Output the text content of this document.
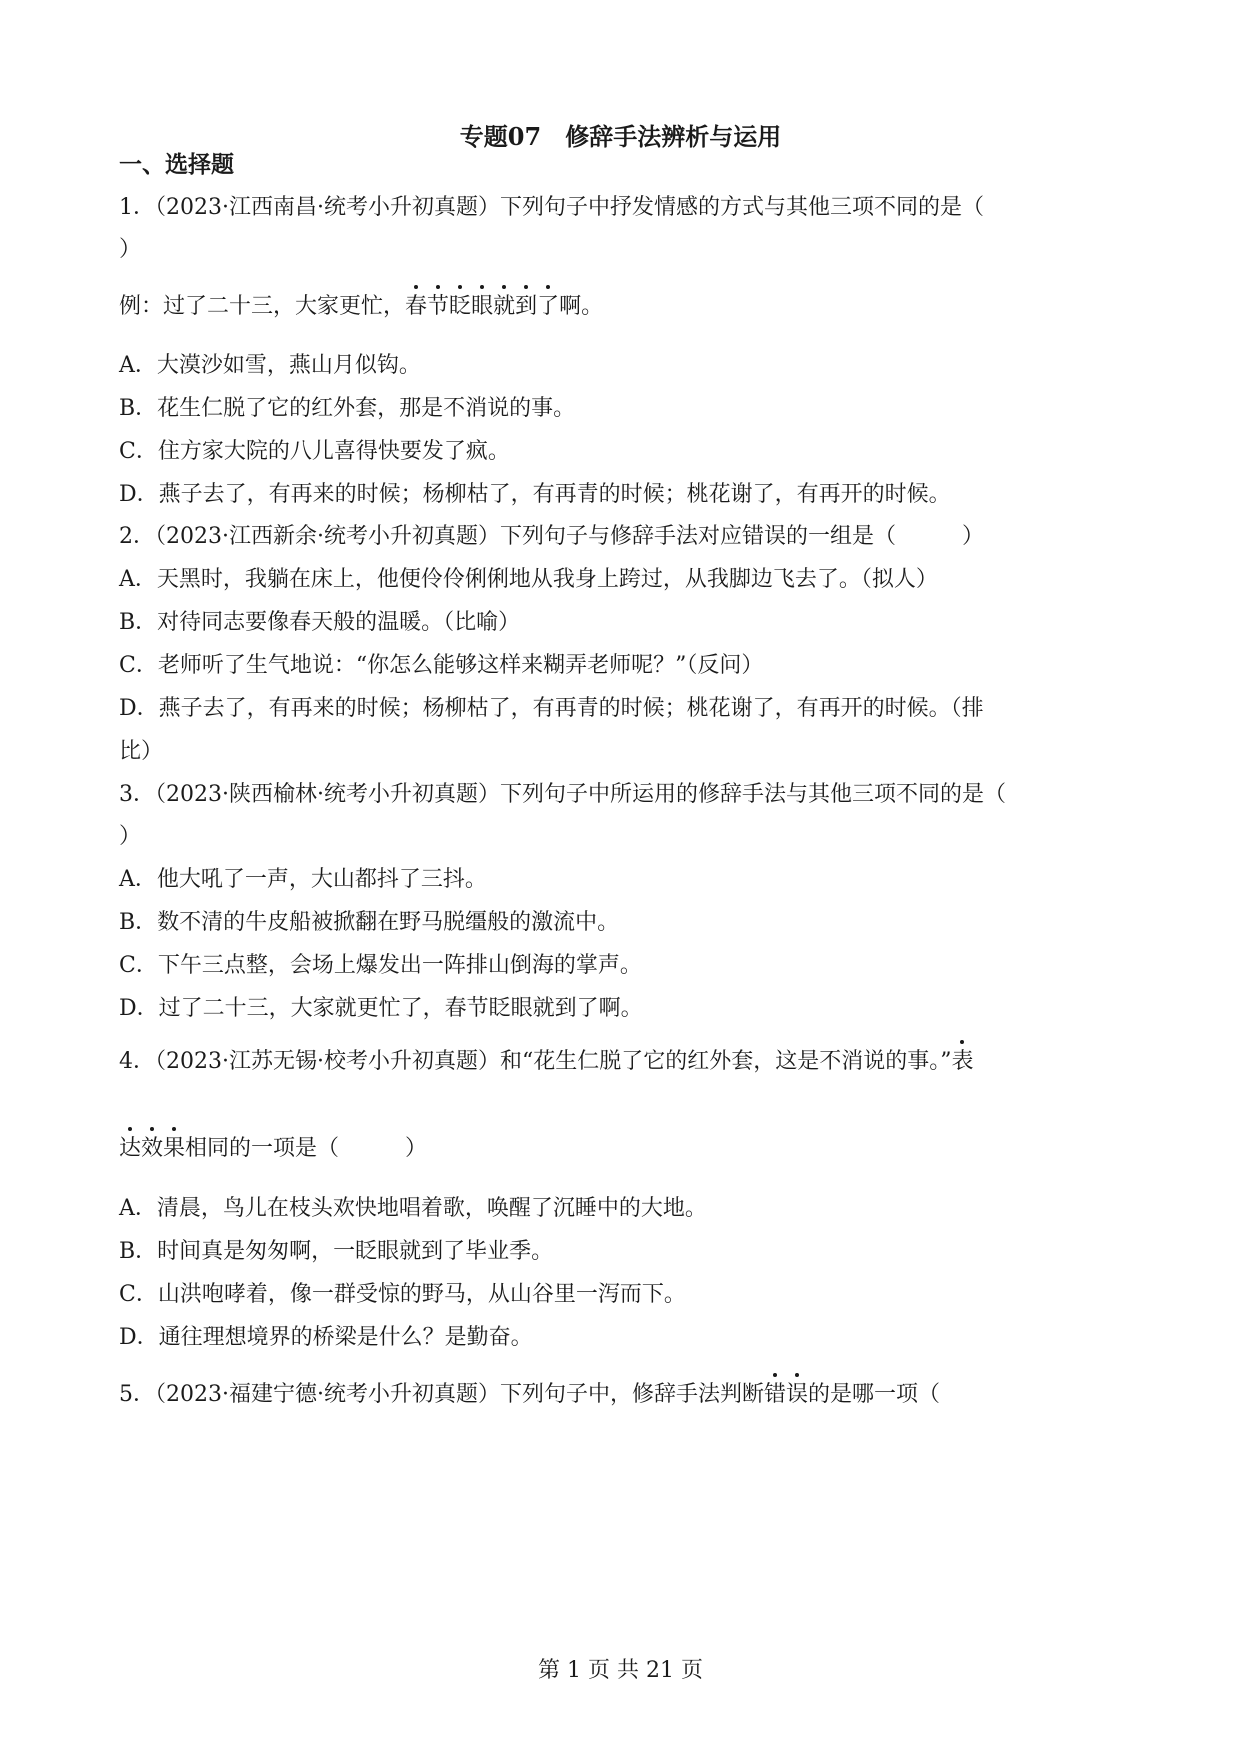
专题07　修辞手法辨析与运用
一、选择题
1．（2023·江西南昌·统考小升初真题）下列句子中抒发情感的方式与其他三项不同的是（
）
例：过了二十三，大家更忙，春节眨眼就到了啊。
A．大漠沙如雪，燕山月似钩。
B．花生仁脱了它的红外套，那是不消说的事。
C．住方家大院的八儿喜得快要发了疯。
D．燕子去了，有再来的时候；杨柳枯了，有再青的时候；桃花谢了，有再开的时候。
2．（2023·江西新余·统考小升初真题）下列句子与修辞手法对应错误的一组是（　　　）
A．天黑时，我躺在床上，他便伶伶俐俐地从我身上跨过，从我脚边飞去了。（拟人）
B．对待同志要像春天般的温暖。（比喻）
C．老师听了生气地说：“你怎么能够这样来糊弄老师呢？”（反问）
D．燕子去了，有再来的时候；杨柳枯了，有再青的时候；桃花谢了，有再开的时候。（排
比）
3．（2023·陕西榆林·统考小升初真题）下列句子中所运用的修辞手法与其他三项不同的是（
）
A．他大吼了一声，大山都抖了三抖。
B．数不清的牛皮船被掀翻在野马脱缰般的激流中。
C．下午三点整，会场上爆发出一阵排山倒海的掌声。
D．过了二十三，大家就更忙了，春节眨眼就到了啊。
4．（2023·江苏无锡·校考小升初真题）和“花生仁脱了它的红外套，这是不消说的事。”表
达效果相同的一项是（　　　）
A．清晨，鸟儿在枝头欢快地唱着歌，唤醒了沉睡中的大地。
B．时间真是匆匆啊，一眨眼就到了毕业季。
C．山洪咆哮着，像一群受惊的野马，从山谷里一泻而下。
D．通往理想境界的桥梁是什么？是勤奋。
5．（2023·福建宁德·统考小升初真题）下列句子中，修辞手法判断错误的是哪一项（
第 1 页 共 21 页
